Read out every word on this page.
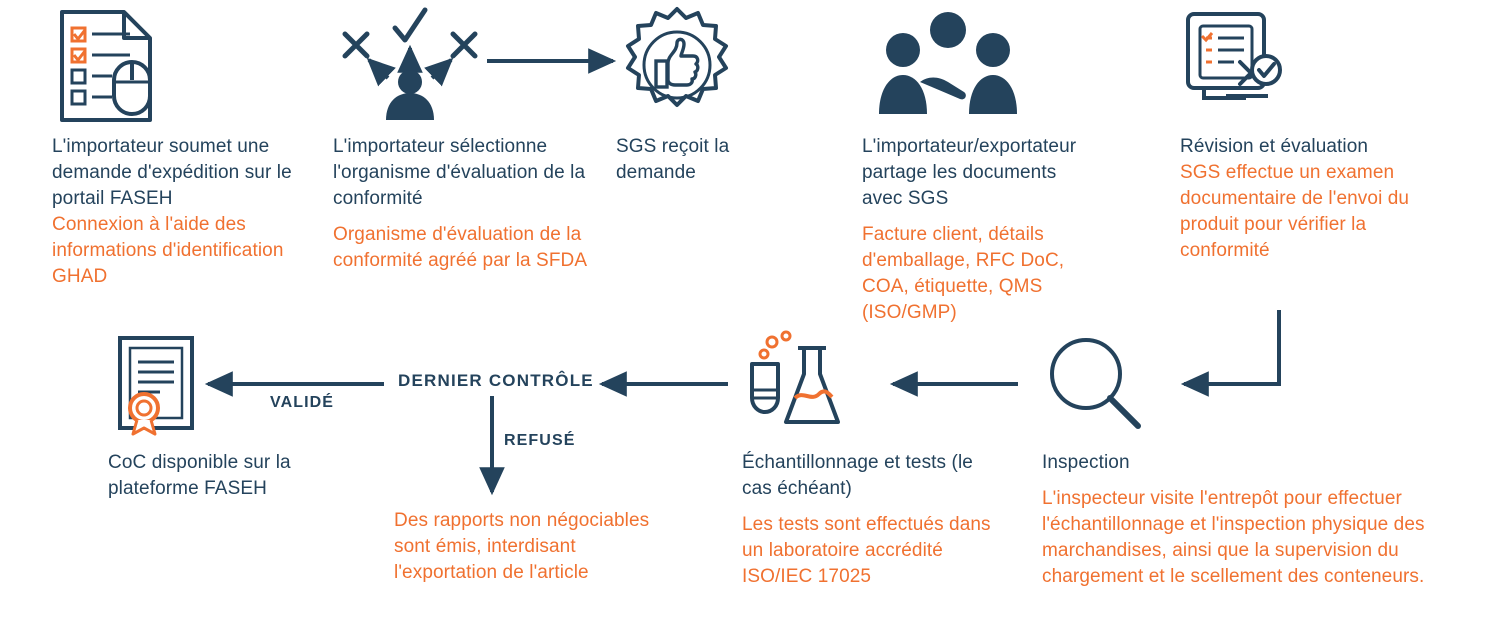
L'importateur soumet une demande d'expédition sur le portail FASEH
Connexion à l'aide des informations d'identification GHAD
L'importateur sélectionne l'organisme d'évaluation de la conformité
Organisme d'évaluation de la conformité agréé par la SFDA
SGS reçoit la demande
L'importateur/exportateur partage les documents avec SGS
Facture client, détails d'emballage, RFC DoC, COA, étiquette, QMS (ISO/GMP)
Révision et évaluation
SGS effectue un examen documentaire de l'envoi du produit pour vérifier la conformité
DERNIER CONTRÔLE
VALIDÉ
REFUSÉ
CoC disponible sur la plateforme FASEH
Des rapports non négociables sont émis, interdisant l'exportation de l'article
Échantillonnage et tests (le cas échéant)
Les tests sont effectués dans un laboratoire accrédité ISO/IEC 17025
Inspection
L'inspecteur visite l'entrepôt pour effectuer l'échantillonnage et l'inspection physique des marchandises, ainsi que la supervision du chargement et le scellement des conteneurs.
